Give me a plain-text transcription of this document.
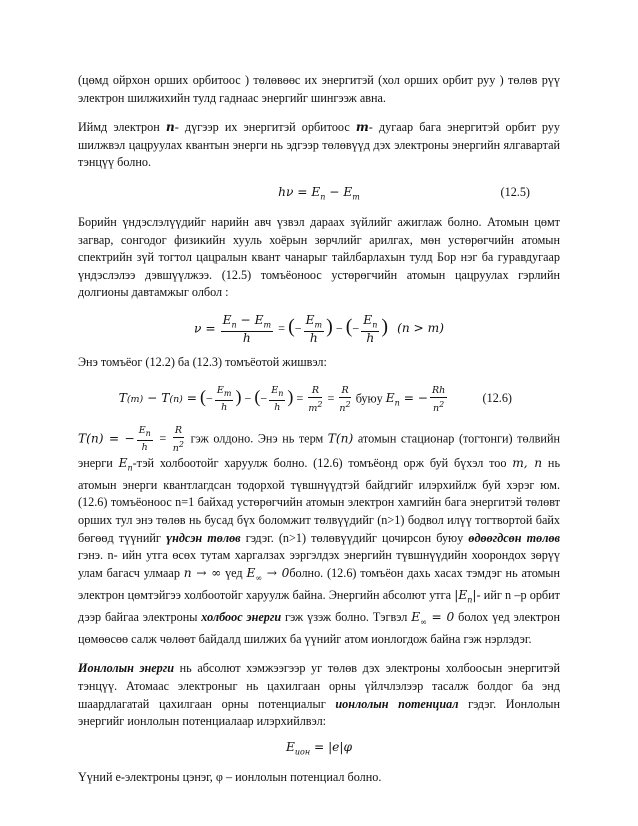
(цөмд ойрхон орших орбитоос ) төлөвөөс их энергитэй (хол орших орбит руу ) төлөв рүү электрон шилжихийн тулд гаднаас энергийг шингээж авна.

Иймд электрон n- дүгээр их энергитэй орбитоос m- дугаар бага энергитэй орбит руу шилжвэл цацруулах квантын энерги нь эдгээр төлөвүүд дэх электроны энергийн ялгавартай тэнцүү болно.

$h\nu = E_n - E_m$	(12.5)

Борийн үндэслэлүүдийг нарийн авч үзвэл дараах зүйлийг ажиглаж болно. Атомын цөмт загвар, сонгодог физикийн хууль хоёрын зөрчлийг арилгах, мөн устөрөгчийн атомын спектрийн зүй тогтол цацралын квант чанарыг тайлбарлахын тулд Бор нэг ба гуравдугаар үндэслэлээ дэвшүүлжээ. (12.5) томъёоноос устөрөгчийн атомын цацруулах гэрлийн долгионы давтамжыг олбол :

$\nu = \frac{E_n - E_m}{h}$ = (− $\frac{E_m}{h}$ ) − (− $\frac{E_n}{h}$ ) (n > m)

Энэ томъёог (12.2) ба (12.3) томъёотой жишвэл:

T(m) − T(n) = (− $\frac{E_m}{h}$ ) − (− $\frac{E_n}{h}$ ) = $\frac{R}{m^2} = \frac{R}{n^2}$ буюу $E_n$ = − $\frac{Rh}{n^2}$	(12.6)

T(n) = − $\frac{E_n}{h} = \frac{R}{n^2}$ гэж олдоно. Энэ нь терм T(n) атомын стационар (тогтонги) төлвийн энерги $E_n$-тэй холбоотойг харуулж болно. (12.6) томъёонд орж буй бүхэл тоо m, n нь атомын энерги квантлагдсан тодорхой түвшнүүдтэй байдгийг илэрхийлж буй хэрэг юм. (12.6) томъёоноос n=1 байхад устөрөгчийн атомын электрон хамгийн бага энергитэй төлөвт орших тул энэ төлөв нь бусад бүх боломжит төлвүүдийг (n>1) бодвол илүү тогтвортой байх бөгөөд түүнийг үндсэн төлөв гэдэг. (n>1) төлөвүүдийг цочирсон буюу өдөөгдсөн төлөв гэнэ. n- ийн утга өсөх тутам харгалзах ээргэлдэх энергийн түвшнүүдийн хоорондох зөрүү улам багасч улмаар n → ∞ үед $E_\infty$ → 0болно. (12.6) томъёон дахь хасах тэмдэг нь атомын электрон цөмтэйгээ холбоотойг харуулж байна. Энергийн абсолют утга $|E_n|-$ ийг n –р орбит дээр байгаа электроны холбоос энерги гэж үзэж болно. Тэгвэл $E_\infty = 0$ болох үед электрон цөмөөсөө салж чөлөөт байдалд шилжих ба үүнийг атом ионлогдож байна гэж нэрлэдэг.

Ионлолын энерги нь абсолют хэмжээгээр уг төлөв дэх электроны холбоосын энергитэй тэнцүү. Атомаас электроныг нь цахилгаан орны үйлчлэлээр тасалж болдог ба энд шаардлагатай цахилгаан орны потенциалыг ионлолын потенциал гэдэг. Ионлолын энергийг ионлолын потенциалаар илэрхийлвэл:

$E_{ион} = |e|\varphi$

Үүний e-электроны цэнэг, φ – ионлолын потенциал болно.
